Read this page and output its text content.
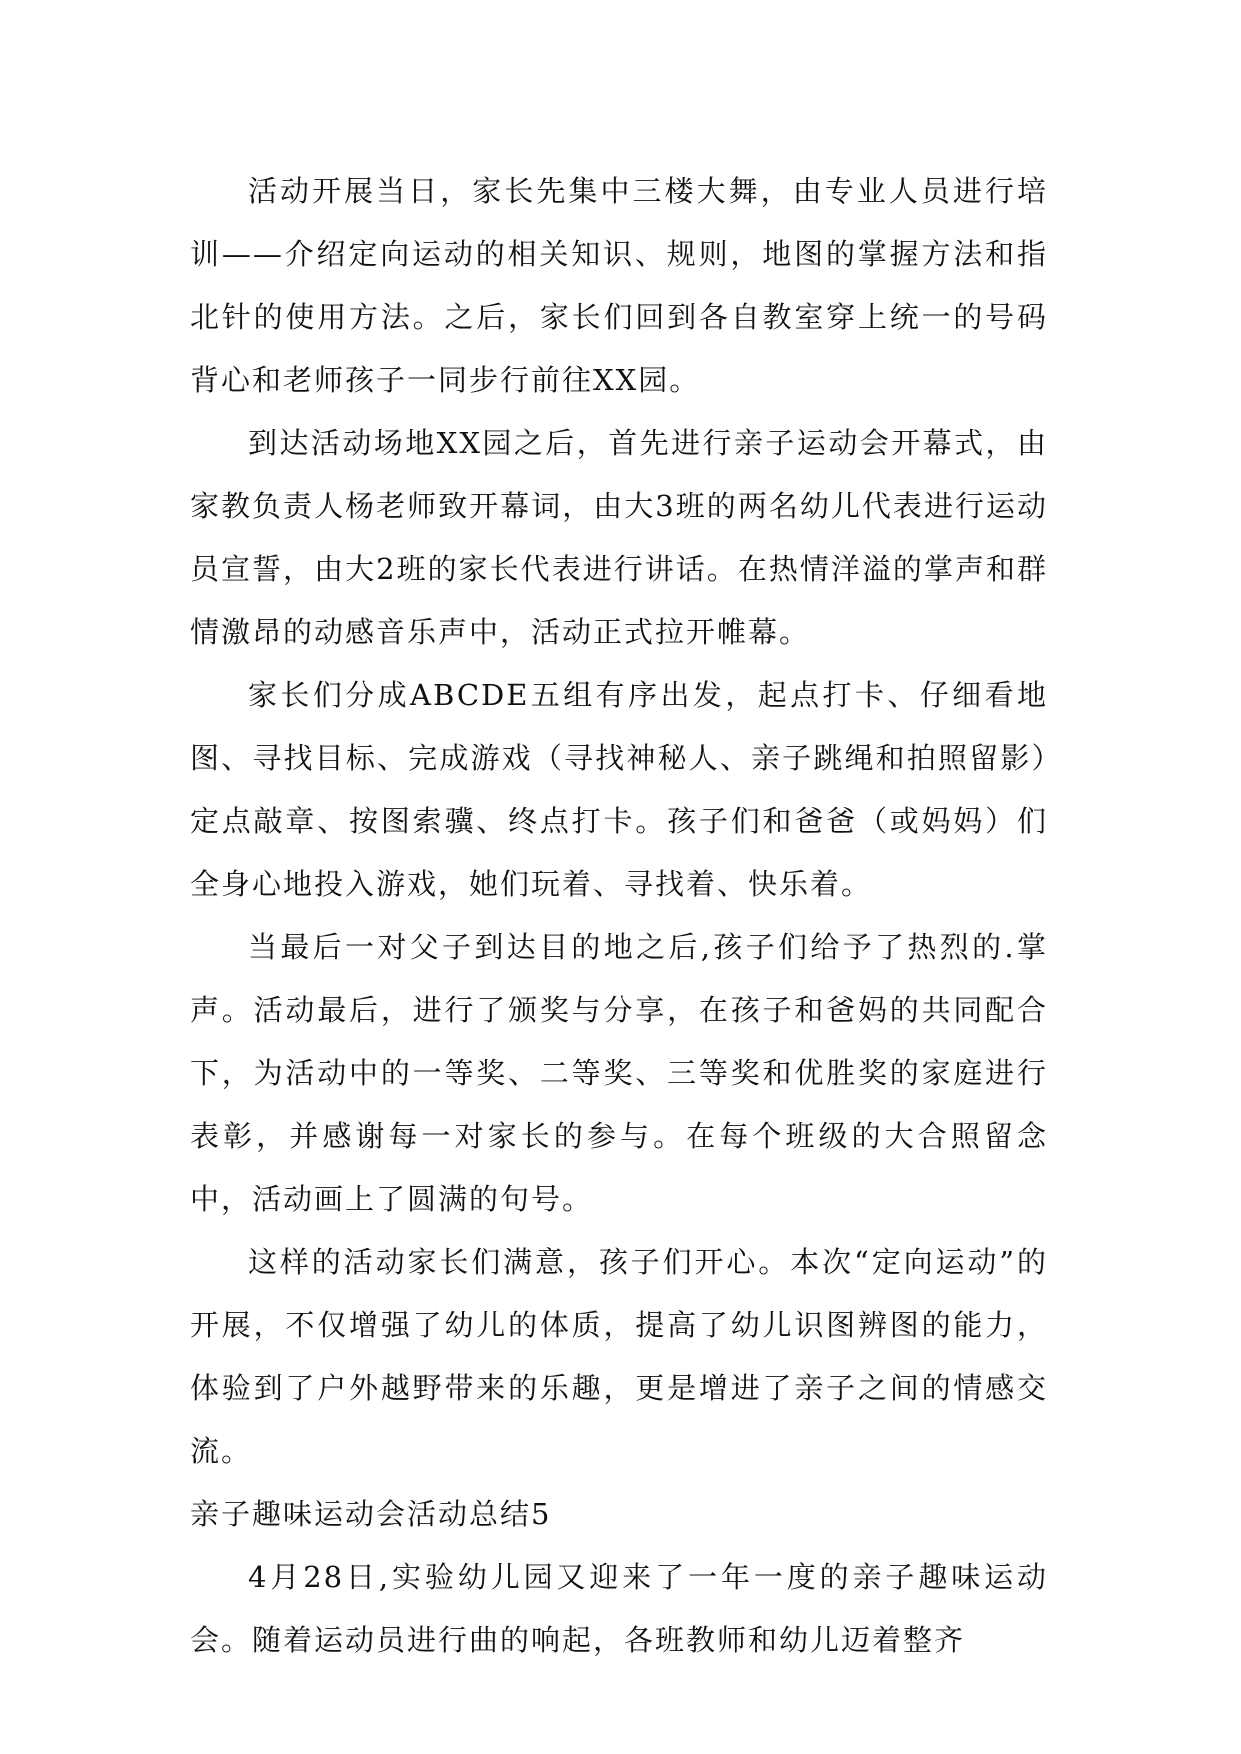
活动开展当日，家长先集中三楼大舞，由专业人员进行培训——介绍定向运动的相关知识、规则，地图的掌握方法和指北针的使用方法。之后，家长们回到各自教室穿上统一的号码背心和老师孩子一同步行前往XX园。

到达活动场地XX园之后，首先进行亲子运动会开幕式，由家教负责人杨老师致开幕词，由大3班的两名幼儿代表进行运动员宣誓，由大2班的家长代表进行讲话。在热情洋溢的掌声和群情激昂的动感音乐声中，活动正式拉开帷幕。

家长们分成ABCDE五组有序出发，起点打卡、仔细看地图、寻找目标、完成游戏（寻找神秘人、亲子跳绳和拍照留影）定点敲章、按图索骥、终点打卡。孩子们和爸爸（或妈妈）们全身心地投入游戏，她们玩着、寻找着、快乐着。

当最后一对父子到达目的地之后,孩子们给予了热烈的.掌声。活动最后，进行了颁奖与分享，在孩子和爸妈的共同配合下，为活动中的一等奖、二等奖、三等奖和优胜奖的家庭进行表彰，并感谢每一对家长的参与。在每个班级的大合照留念中，活动画上了圆满的句号。

这样的活动家长们满意，孩子们开心。本次“定向运动”的开展，不仅增强了幼儿的体质，提高了幼儿识图辨图的能力，体验到了户外越野带来的乐趣，更是增进了亲子之间的情感交流。

亲子趣味运动会活动总结5

4月28日,实验幼儿园又迎来了一年一度的亲子趣味运动会。随着运动员进行曲的响起，各班教师和幼儿迈着整齐
